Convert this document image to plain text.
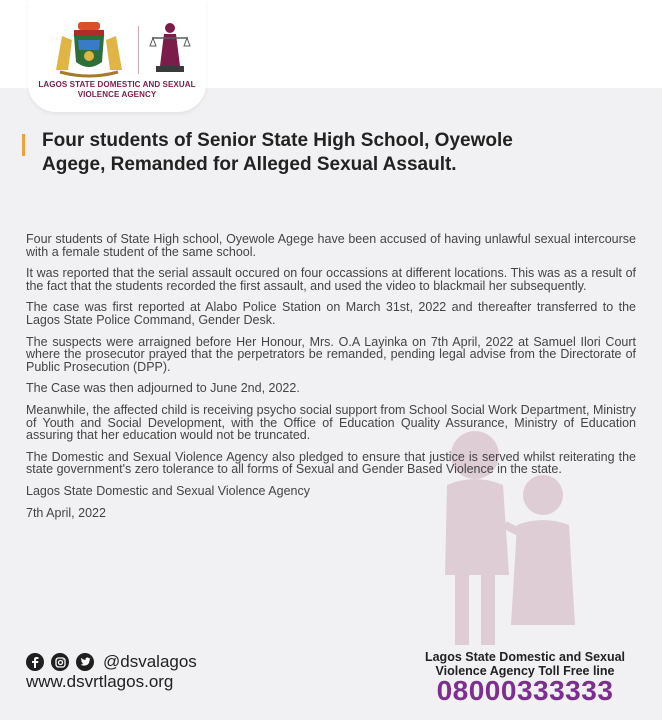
LAGOS STATE DOMESTIC AND SEXUAL VIOLENCE AGENCY
Four students of Senior State High School, Oyewole Agege, Remanded for Alleged Sexual Assault.

Four students of State High school, Oyewole Agege have been accused of having unlawful sexual intercourse with a female student of the same school.

It was reported that the serial assault occured on four occassions at different locations. This was as a result of the fact that the students recorded the first assault, and used the video to blackmail her subsequently.

The case was first reported at Alabo Police Station on March 31st, 2022 and thereafter transferred to the Lagos State Police Command, Gender Desk.

The suspects were arraigned before Her Honour, Mrs. O.A Layinka on 7th April, 2022 at Samuel Ilori Court where the prosecutor prayed that the perpetrators be remanded, pending legal advise from the Directorate of Public Prosecution (DPP).

The Case was then adjourned to June 2nd, 2022.

Meanwhile, the affected child is receiving psycho social support from School Social Work Department, Ministry of Youth and Social Development, with the Office of Education Quality Assurance, Ministry of Education assuring that her education would not be truncated.

The Domestic and Sexual Violence Agency also pledged to ensure that justice is served whilst reiterating the state government's zero tolerance to all forms of Sexual and Gender Based Violence in the state.

Lagos State Domestic and Sexual Violence Agency

7th April, 2022

@dsvalagos
www.dsvrtlagos.org
Lagos State Domestic and Sexual Violence Agency Toll Free line
08000333333
